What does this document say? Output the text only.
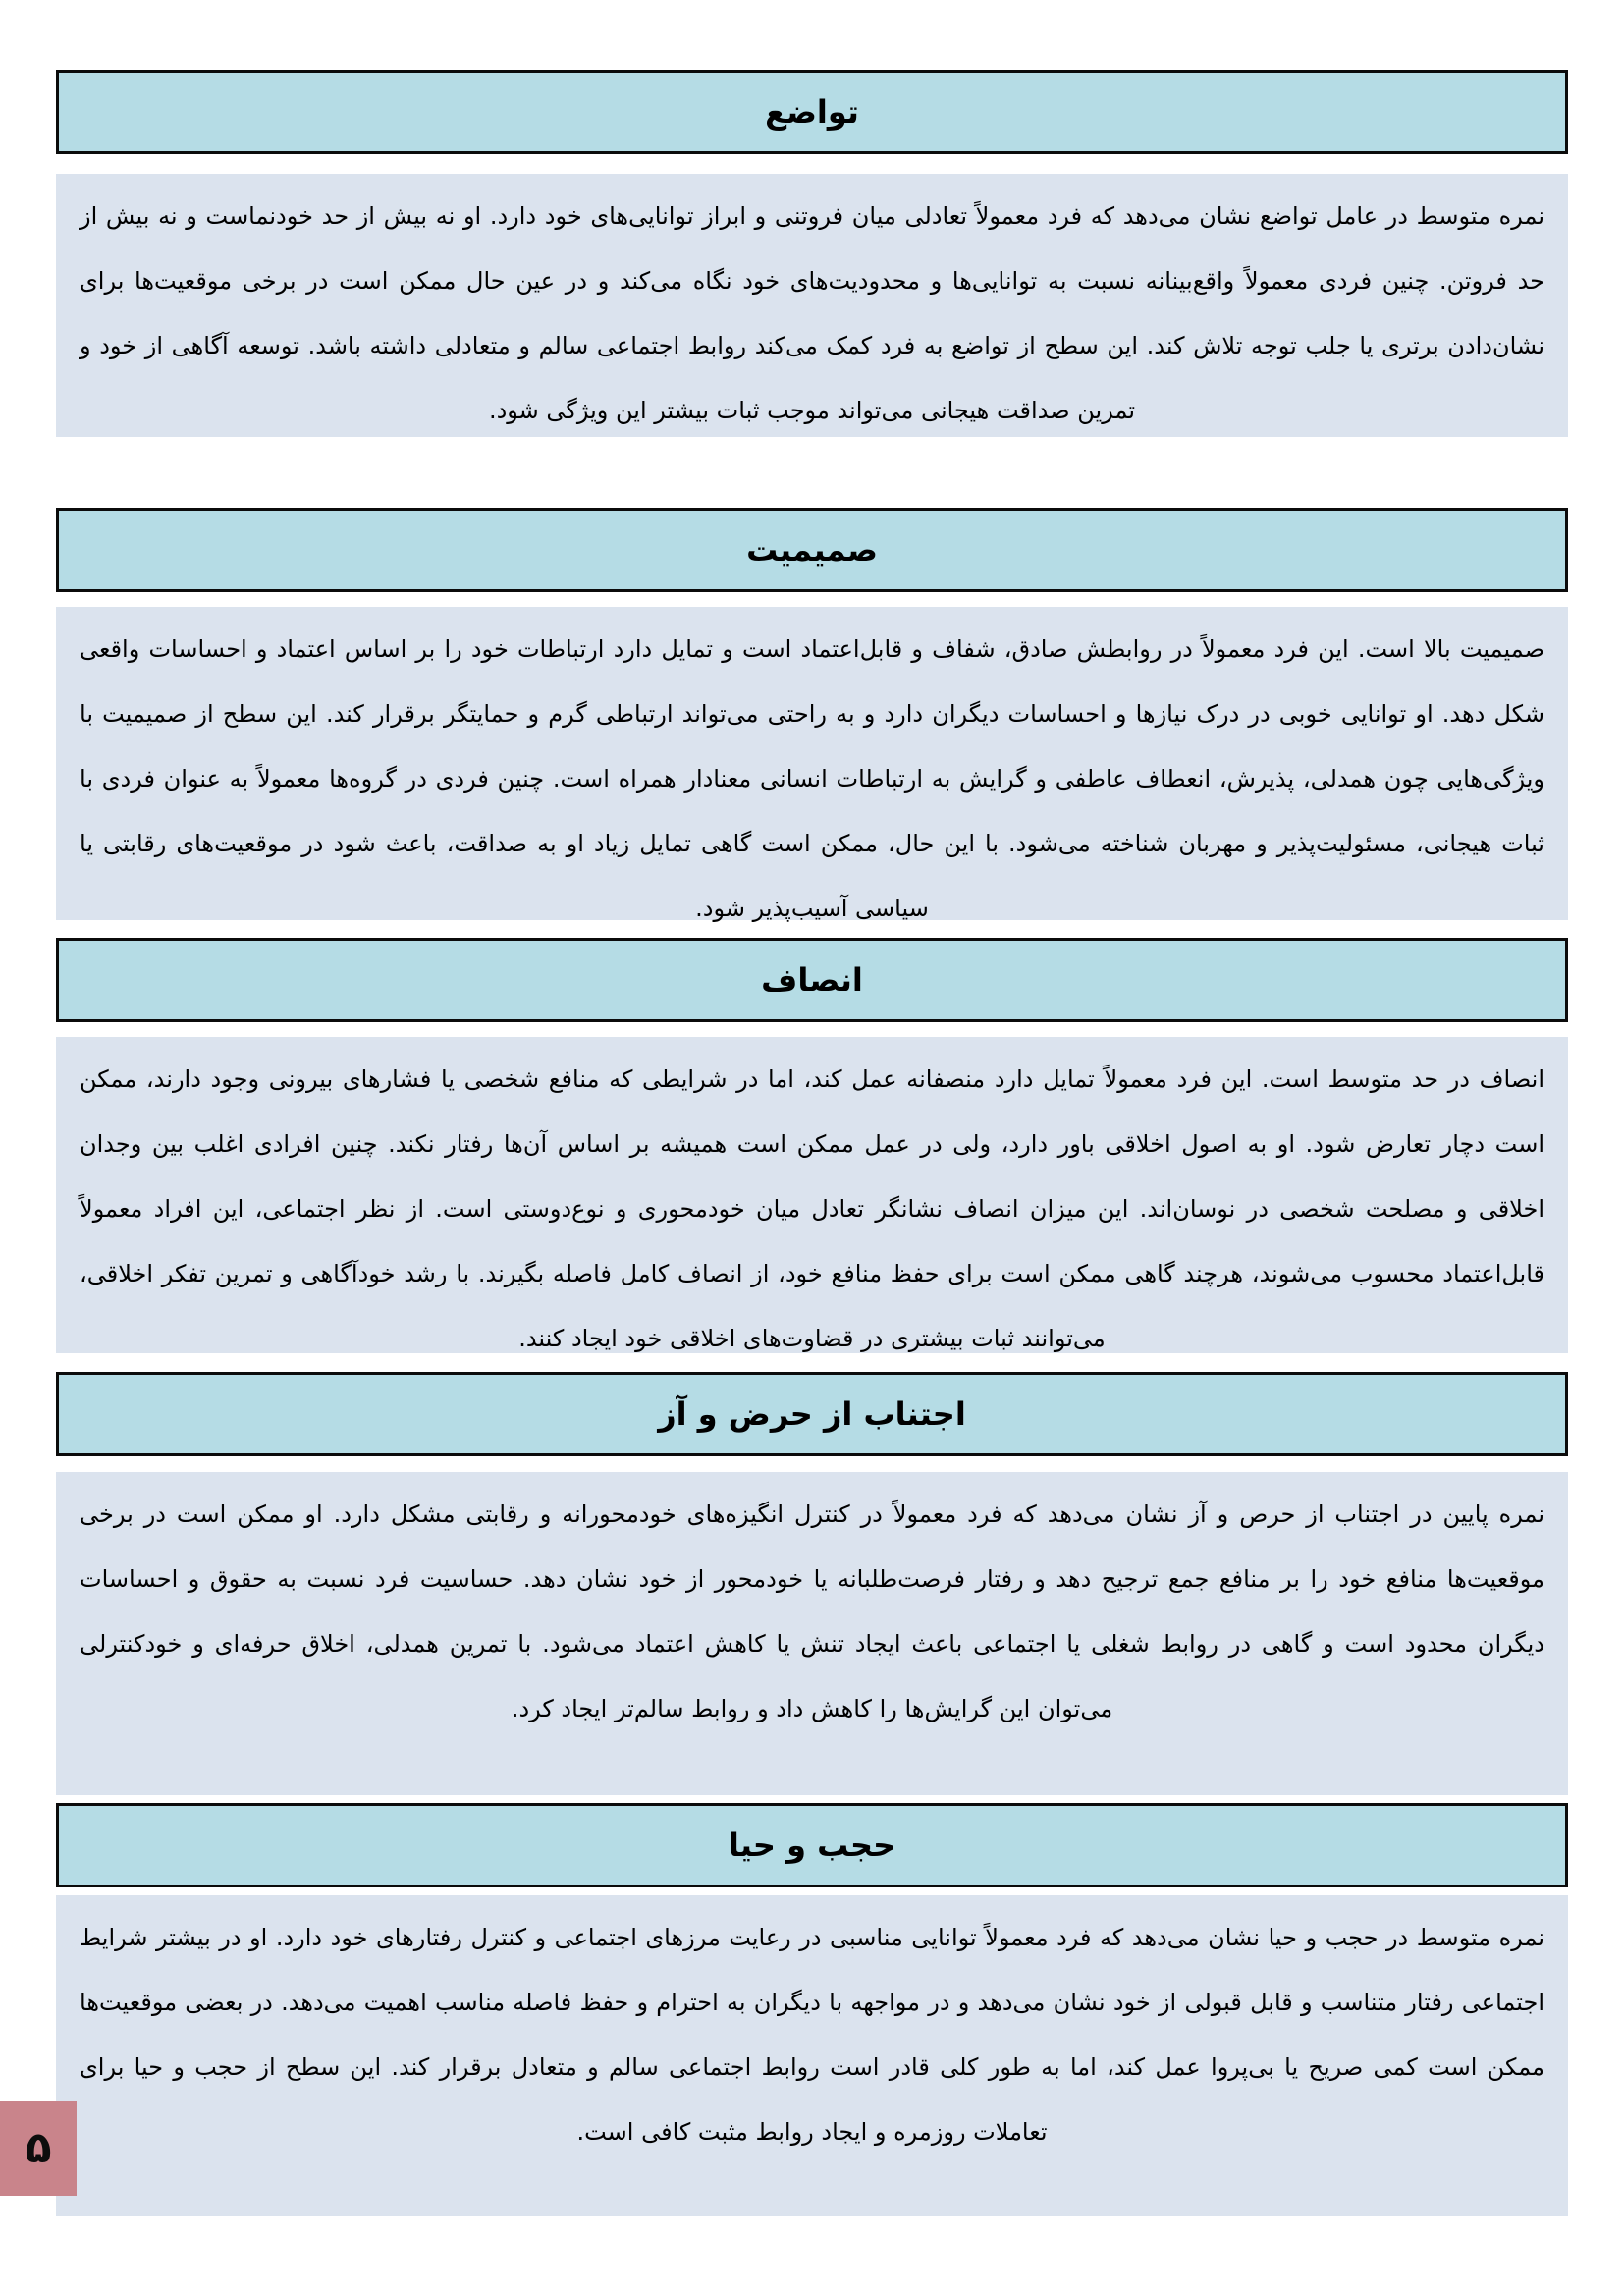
تواضع

نمره متوسط در عامل تواضع نشان می‌دهد که فرد معمولاً تعادلی میان فروتنی و ابراز توانایی‌های خود دارد. او نه بیش از حد خودنماست و نه بیش از حد فروتن. چنین فردی معمولاً واقع‌بینانه نسبت به توانایی‌ها و محدودیت‌های خود نگاه می‌کند و در عین حال ممکن است در برخی موقعیت‌ها برای نشان‌دادن برتری یا جلب توجه تلاش کند. این سطح از تواضع به فرد کمک می‌کند روابط اجتماعی سالم و متعادلی داشته باشد. توسعه آگاهی از خود و تمرین صداقت هیجانی می‌تواند موجب ثبات بیشتر این ویژگی شود.

صمیمیت

صمیمیت بالا است. این فرد معمولاً در روابطش صادق، شفاف و قابل‌اعتماد است و تمایل دارد ارتباطات خود را بر اساس اعتماد و احساسات واقعی شکل دهد. او توانایی خوبی در درک نیازها و احساسات دیگران دارد و به راحتی می‌تواند ارتباطی گرم و حمایتگر برقرار کند. این سطح از صمیمیت با ویژگی‌هایی چون همدلی، پذیرش، انعطاف عاطفی و گرایش به ارتباطات انسانی معنادار همراه است. چنین فردی در گروه‌ها معمولاً به عنوان فردی با ثبات هیجانی، مسئولیت‌پذیر و مهربان شناخته می‌شود. با این حال، ممکن است گاهی تمایل زیاد او به صداقت، باعث شود در موقعیت‌های رقابتی یا سیاسی آسیب‌پذیر شود.

انصاف

انصاف در حد متوسط است. این فرد معمولاً تمایل دارد منصفانه عمل کند، اما در شرایطی که منافع شخصی یا فشارهای بیرونی وجود دارند، ممکن است دچار تعارض شود. او به اصول اخلاقی باور دارد، ولی در عمل ممکن است همیشه بر اساس آن‌ها رفتار نکند. چنین افرادی اغلب بین وجدان اخلاقی و مصلحت شخصی در نوسان‌اند. این میزان انصاف نشانگر تعادل میان خودمحوری و نوع‌دوستی است. از نظر اجتماعی، این افراد معمولاً قابل‌اعتماد محسوب می‌شوند، هرچند گاهی ممکن است برای حفظ منافع خود، از انصاف کامل فاصله بگیرند. با رشد خودآگاهی و تمرین تفکر اخلاقی، می‌توانند ثبات بیشتری در قضاوت‌های اخلاقی خود ایجاد کنند.

اجتناب از حرض و آز

نمره پایین در اجتناب از حرص و آز نشان می‌دهد که فرد معمولاً در کنترل انگیزه‌های خودمحورانه و رقابتی مشکل دارد. او ممکن است در برخی موقعیت‌ها منافع خود را بر منافع جمع ترجیح دهد و رفتار فرصت‌طلبانه یا خودمحور از خود نشان دهد. حساسیت فرد نسبت به حقوق و احساسات دیگران محدود است و گاهی در روابط شغلی یا اجتماعی باعث ایجاد تنش یا کاهش اعتماد می‌شود. با تمرین همدلی، اخلاق حرفه‌ای و خودکنترلی می‌توان این گرایش‌ها را کاهش داد و روابط سالم‌تر ایجاد کرد.

حجب و حیا

نمره متوسط در حجب و حیا نشان می‌دهد که فرد معمولاً توانایی مناسبی در رعایت مرزهای اجتماعی و کنترل رفتارهای خود دارد. او در بیشتر شرایط اجتماعی رفتار متناسب و قابل قبولی از خود نشان می‌دهد و در مواجهه با دیگران به احترام و حفظ فاصله مناسب اهمیت می‌دهد. در بعضی موقعیت‌ها ممکن است کمی صریح یا بی‌پروا عمل کند، اما به طور کلی قادر است روابط اجتماعی سالم و متعادل برقرار کند. این سطح از حجب و حیا برای تعاملات روزمره و ایجاد روابط مثبت کافی است.

۵
